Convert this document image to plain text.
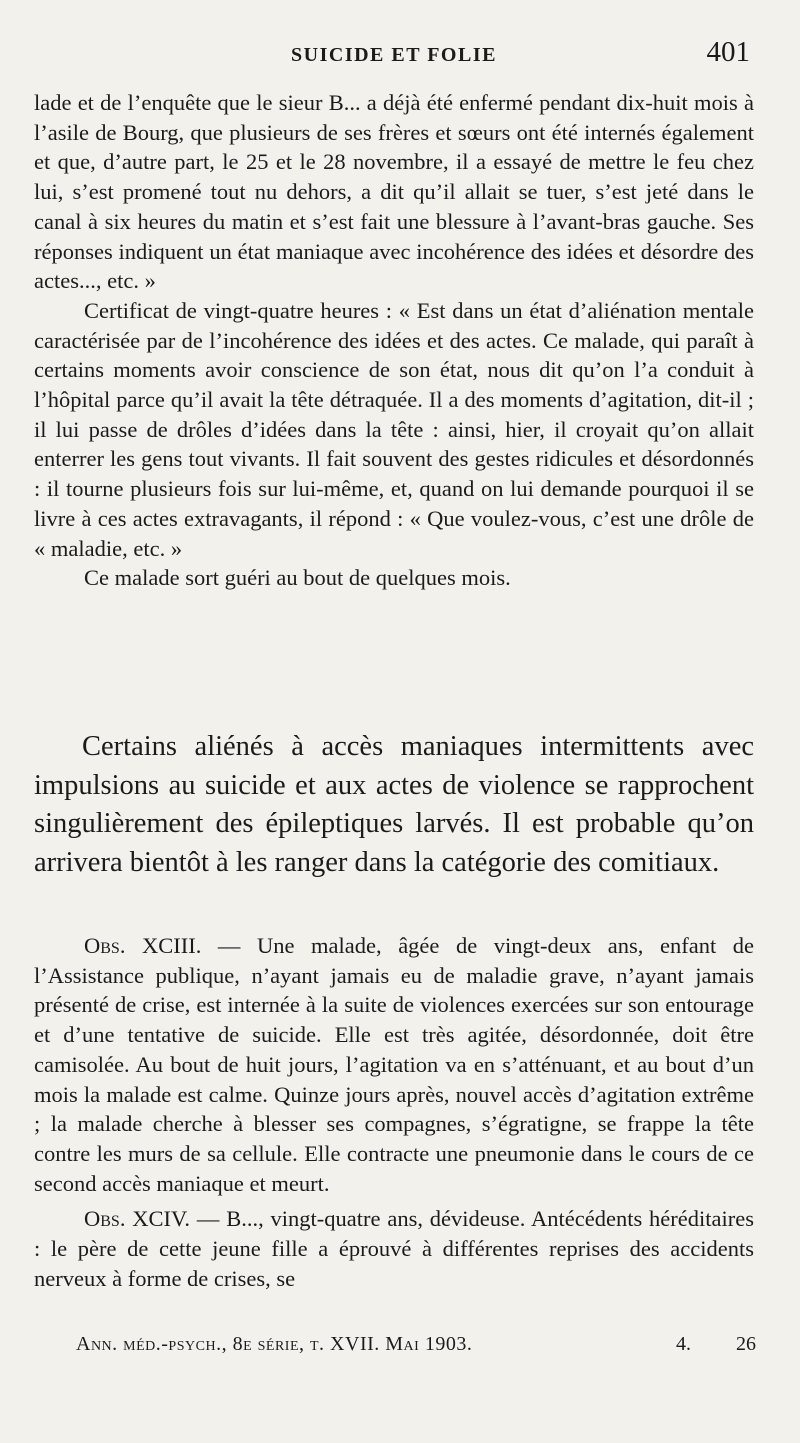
SUICIDE ET FOLIE	401

lade et de l’enquête que le sieur B... a déjà été enfermé pendant dix-huit mois à l’asile de Bourg, que plusieurs de ses frères et sœurs ont été internés également et que, d’autre part, le 25 et le 28 novembre, il a essayé de mettre le feu chez lui, s’est promené tout nu dehors, a dit qu’il allait se tuer, s’est jeté dans le canal à six heures du matin et s’est fait une blessure à l’avant-bras gauche. Ses réponses indiquent un état maniaque avec incohérence des idées et désordre des actes..., etc. »

Certificat de vingt-quatre heures : « Est dans un état d’aliénation mentale caractérisée par de l’incohérence des idées et des actes. Ce malade, qui paraît à certains moments avoir conscience de son état, nous dit qu’on l’a conduit à l’hôpital parce qu’il avait la tête détraquée. Il a des moments d’agitation, dit-il ; il lui passe de drôles d’idées dans la tête : ainsi, hier, il croyait qu’on allait enterrer les gens tout vivants. Il fait souvent des gestes ridicules et désordonnés : il tourne plusieurs fois sur lui-même, et, quand on lui demande pourquoi il se livre à ces actes extravagants, il répond : « Que voulez-vous, c’est une drôle de « maladie, etc. »

Ce malade sort guéri au bout de quelques mois.

Certains aliénés à accès maniaques intermittents avec impulsions au suicide et aux actes de violence se rapprochent singulièrement des épileptiques larvés. Il est probable qu’on arrivera bientôt à les ranger dans la catégorie des comitiaux.

Obs. XCIII. — Une malade, âgée de vingt-deux ans, enfant de l’Assistance publique, n’ayant jamais eu de maladie grave, n’ayant jamais présenté de crise, est internée à la suite de violences exercées sur son entourage et d’une tentative de suicide. Elle est très agitée, désordonnée, doit être camisolée. Au bout de huit jours, l’agitation va en s’atténuant, et au bout d’un mois la malade est calme. Quinze jours après, nouvel accès d’agitation extrême ; la malade cherche à blesser ses compagnes, s’égratigne, se frappe la tête contre les murs de sa cellule. Elle contracte une pneumonie dans le cours de ce second accès maniaque et meurt.

Obs. XCIV. — B..., vingt-quatre ans, dévideuse. Antécédents héréditaires : le père de cette jeune fille a éprouvé à différentes reprises des accidents nerveux à forme de crises, se

Ann. méd.-psych., 8e série, t. XVII. Mai 1903.	4. 26
